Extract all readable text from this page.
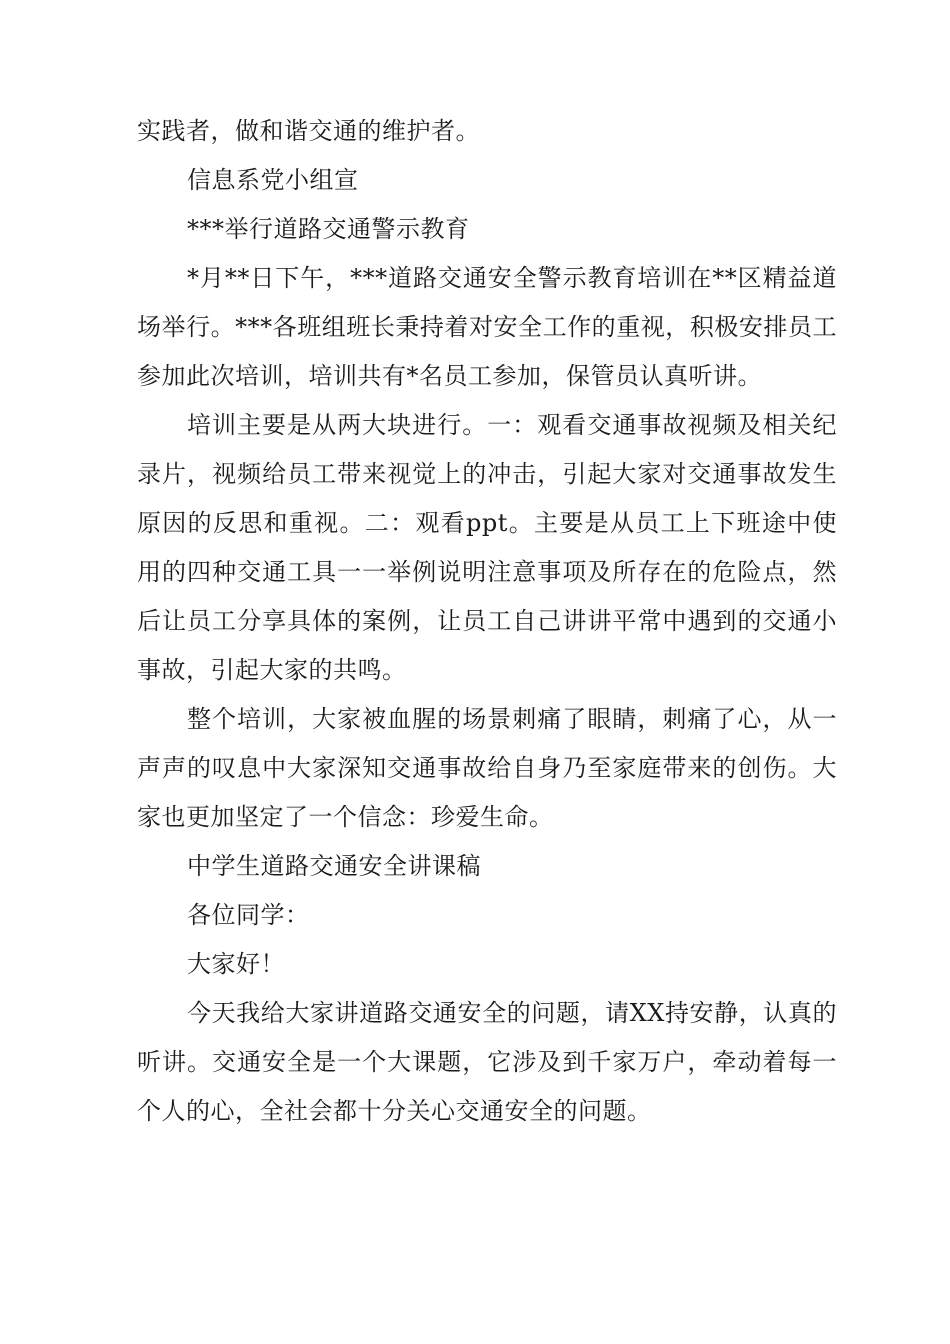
实践者，做和谐交通的维护者。

信息系党小组宣

***举行道路交通警示教育

*月**日下午，***道路交通安全警示教育培训在**区精益道场举行。***各班组班长秉持着对安全工作的重视，积极安排员工参加此次培训，培训共有*名员工参加，保管员认真听讲。

培训主要是从两大块进行。一：观看交通事故视频及相关纪录片，视频给员工带来视觉上的冲击，引起大家对交通事故发生原因的反思和重视。二：观看ppt。主要是从员工上下班途中使用的四种交通工具一一举例说明注意事项及所存在的危险点，然后让员工分享具体的案例，让员工自己讲讲平常中遇到的交通小事故，引起大家的共鸣。

整个培训，大家被血腥的场景刺痛了眼睛，刺痛了心，从一声声的叹息中大家深知交通事故给自身乃至家庭带来的创伤。大家也更加坚定了一个信念：珍爱生命。

中学生道路交通安全讲课稿

各位同学：

大家好！

今天我给大家讲道路交通安全的问题，请XX持安静，认真的听讲。交通安全是一个大课题，它涉及到千家万户，牵动着每一个人的心，全社会都十分关心交通安全的问题。
